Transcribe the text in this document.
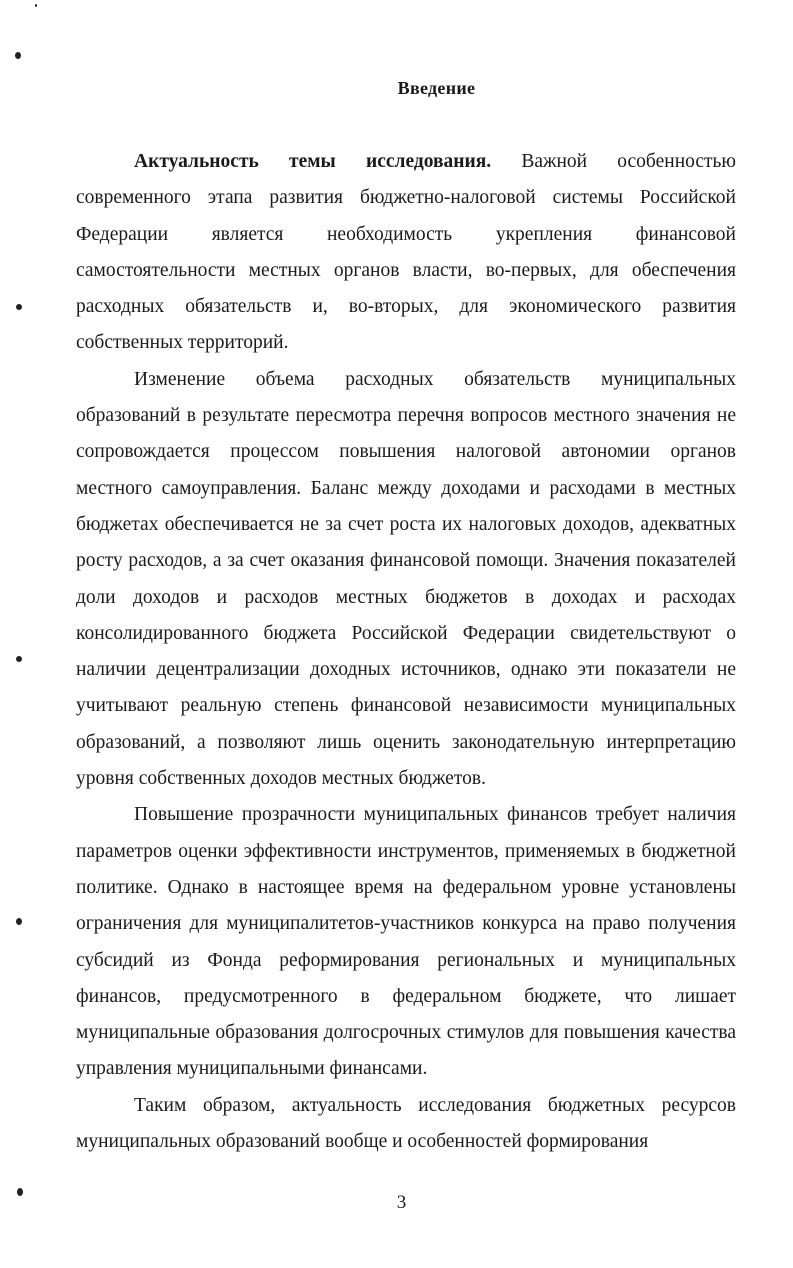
Введение

Актуальность темы исследования. Важной особенностью современного этапа развития бюджетно-налоговой системы Российской Федерации является необходимость укрепления финансовой самостоятельности местных органов власти, во-первых, для обеспечения расходных обязательств и, во-вторых, для экономического развития собственных территорий.

Изменение объема расходных обязательств муниципальных образований в результате пересмотра перечня вопросов местного значения не сопровождается процессом повышения налоговой автономии органов местного самоуправления. Баланс между доходами и расходами в местных бюджетах обеспечивается не за счет роста их налоговых доходов, адекватных росту расходов, а за счет оказания финансовой помощи. Значения показателей доли доходов и расходов местных бюджетов в доходах и расходах консолидированного бюджета Российской Федерации свидетельствуют о наличии децентрализации доходных источников, однако эти показатели не учитывают реальную степень финансовой независимости муниципальных образований, а позволяют лишь оценить законодательную интерпретацию уровня собственных доходов местных бюджетов.

Повышение прозрачности муниципальных финансов требует наличия параметров оценки эффективности инструментов, применяемых в бюджетной политике. Однако в настоящее время на федеральном уровне установлены ограничения для муниципалитетов-участников конкурса на право получения субсидий из Фонда реформирования региональных и муниципальных финансов, предусмотренного в федеральном бюджете, что лишает муниципальные образования долгосрочных стимулов для повышения качества управления муниципальными финансами.

Таким образом, актуальность исследования бюджетных ресурсов муниципальных образований вообще и особенностей формирования

3
